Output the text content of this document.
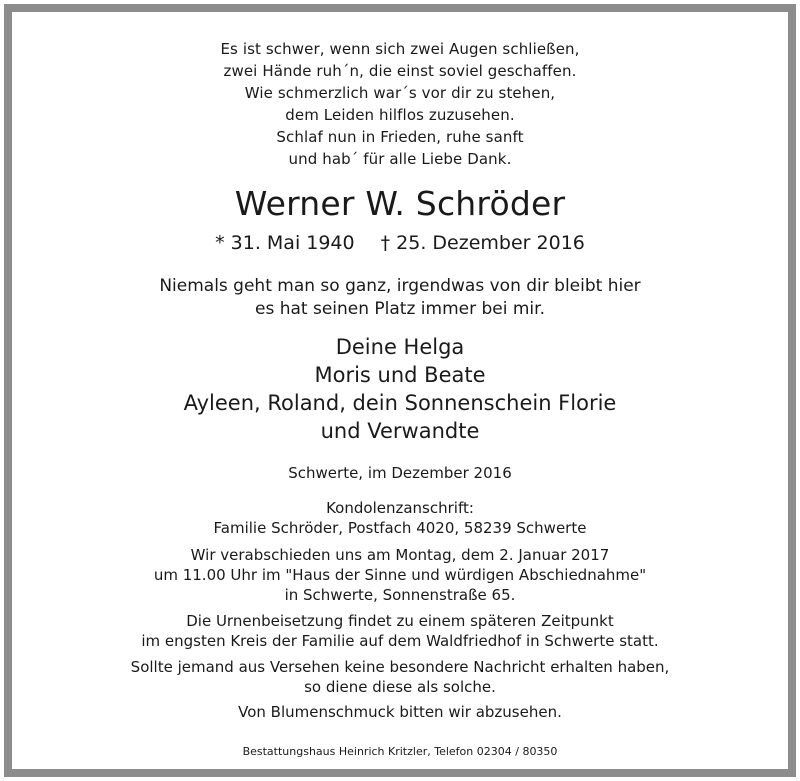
Es ist schwer, wenn sich zwei Augen schließen,
zwei Hände ruh´n, die einst soviel geschaffen.
Wie schmerzlich war´s vor dir zu stehen,
dem Leiden hilflos zuzusehen.
Schlaf nun in Frieden, ruhe sanft
und hab´ für alle Liebe Dank.
Werner W. Schröder
* 31. Mai 1940 † 25. Dezember 2016
Niemals geht man so ganz, irgendwas von dir bleibt hier
es hat seinen Platz immer bei mir.
Deine Helga
Moris und Beate
Ayleen, Roland, dein Sonnenschein Florie
und Verwandte
Schwerte, im Dezember 2016
Kondolenzanschrift:
Familie Schröder, Postfach 4020, 58239 Schwerte
Wir verabschieden uns am Montag, dem 2. Januar 2017
um 11.00 Uhr im "Haus der Sinne und würdigen Abschiednahme"
in Schwerte, Sonnenstraße 65.
Die Urnenbeisetzung findet zu einem späteren Zeitpunkt
im engsten Kreis der Familie auf dem Waldfriedhof in Schwerte statt.
Sollte jemand aus Versehen keine besondere Nachricht erhalten haben,
so diene diese als solche.
Von Blumenschmuck bitten wir abzusehen.
Bestattungshaus Heinrich Kritzler, Telefon 02304 / 80350
